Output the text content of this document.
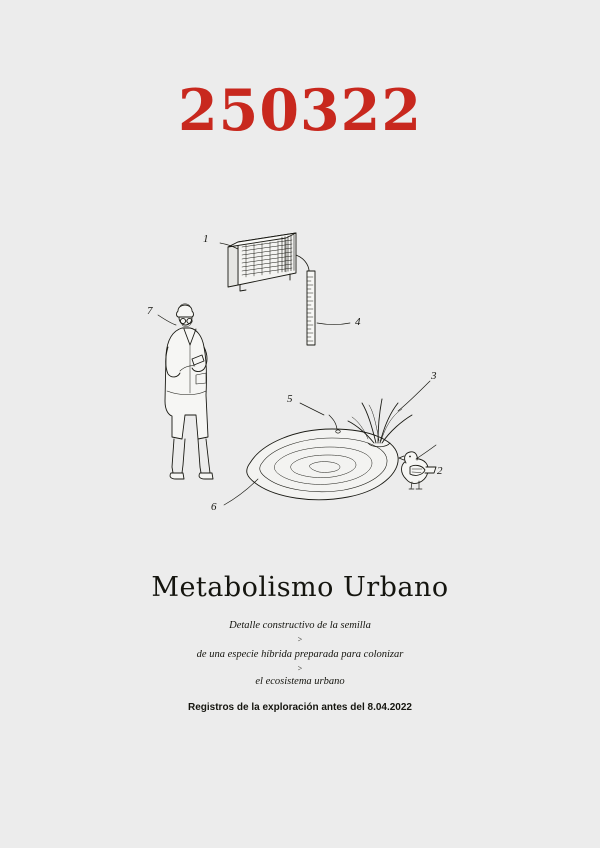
250322
1
2
3
4
5
6
7
Metabolismo Urbano
Detalle constructivo de la semilla
>
de una especie híbrida preparada para colonizar
>
el ecosistema urbano
Registros de la exploración antes del 8.04.2022
